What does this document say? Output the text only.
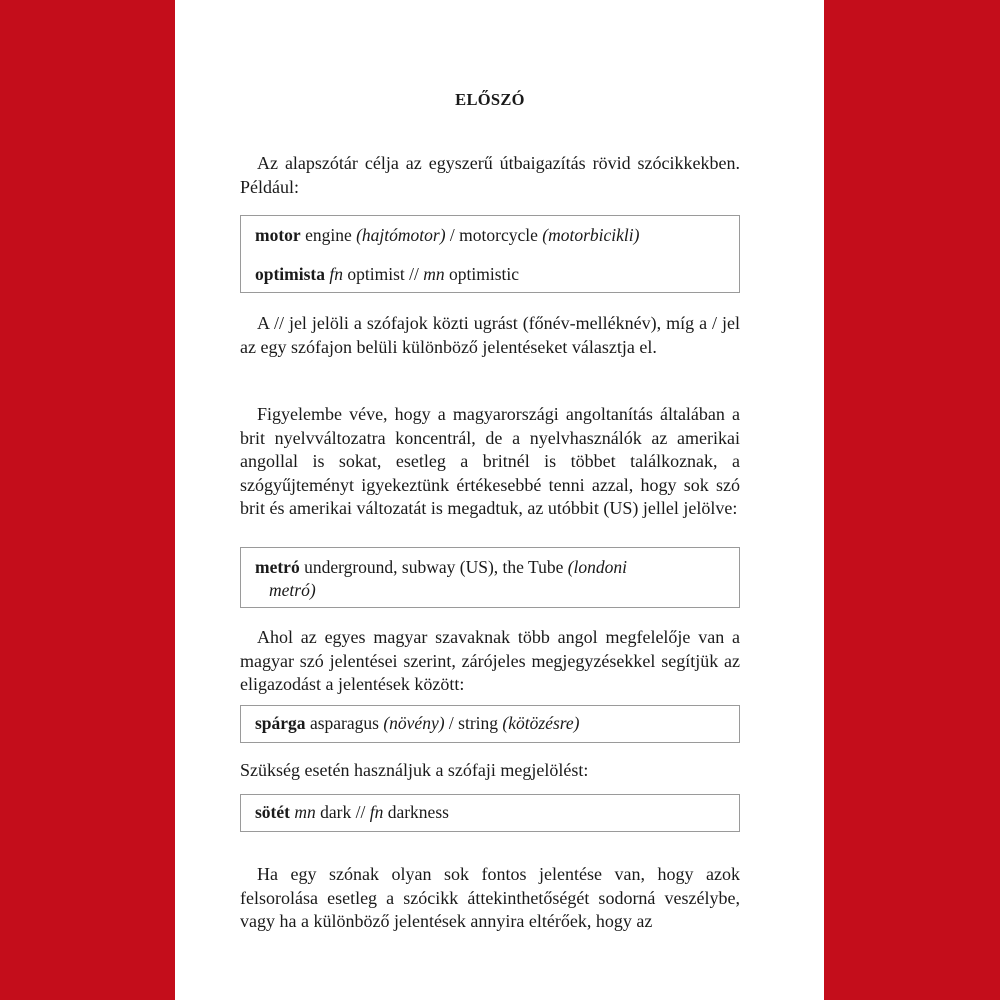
ELŐSZÓ

Az alapszótár célja az egyszerű útbaigazítás rövid szócikkekben. Például:

motor engine (hajtómotor) / motorcycle (motorbicikli)

optimista fn optimist // mn optimistic

A // jel jelöli a szófajok közti ugrást (főnév-melléknév), míg a / jel az egy szófajon belüli különböző jelentéseket választja el.

Figyelembe véve, hogy a magyarországi angoltanítás általában a brit nyelvváltozatra koncentrál, de a nyelvhasználók az amerikai angollal is sokat, esetleg a britnél is többet találkoznak, a szógyűjteményt igyekeztünk értékesebbé tenni azzal, hogy sok szó brit és amerikai változatát is megadtuk, az utóbbit (US) jellel jelölve:

metró underground, subway (US), the Tube (londoni
metró)

Ahol az egyes magyar szavaknak több angol megfelelője van a magyar szó jelentései szerint, zárójeles megjegyzésekkel segítjük az eligazodást a jelentések között:

spárga asparagus (növény) / string (kötözésre)

Szükség esetén használjuk a szófaji megjelölést:

sötét mn dark // fn darkness

Ha egy szónak olyan sok fontos jelentése van, hogy azok felsorolása esetleg a szócikk áttekinthetőségét sodorná veszélybe, vagy ha a különböző jelentések annyira eltérőek, hogy az
